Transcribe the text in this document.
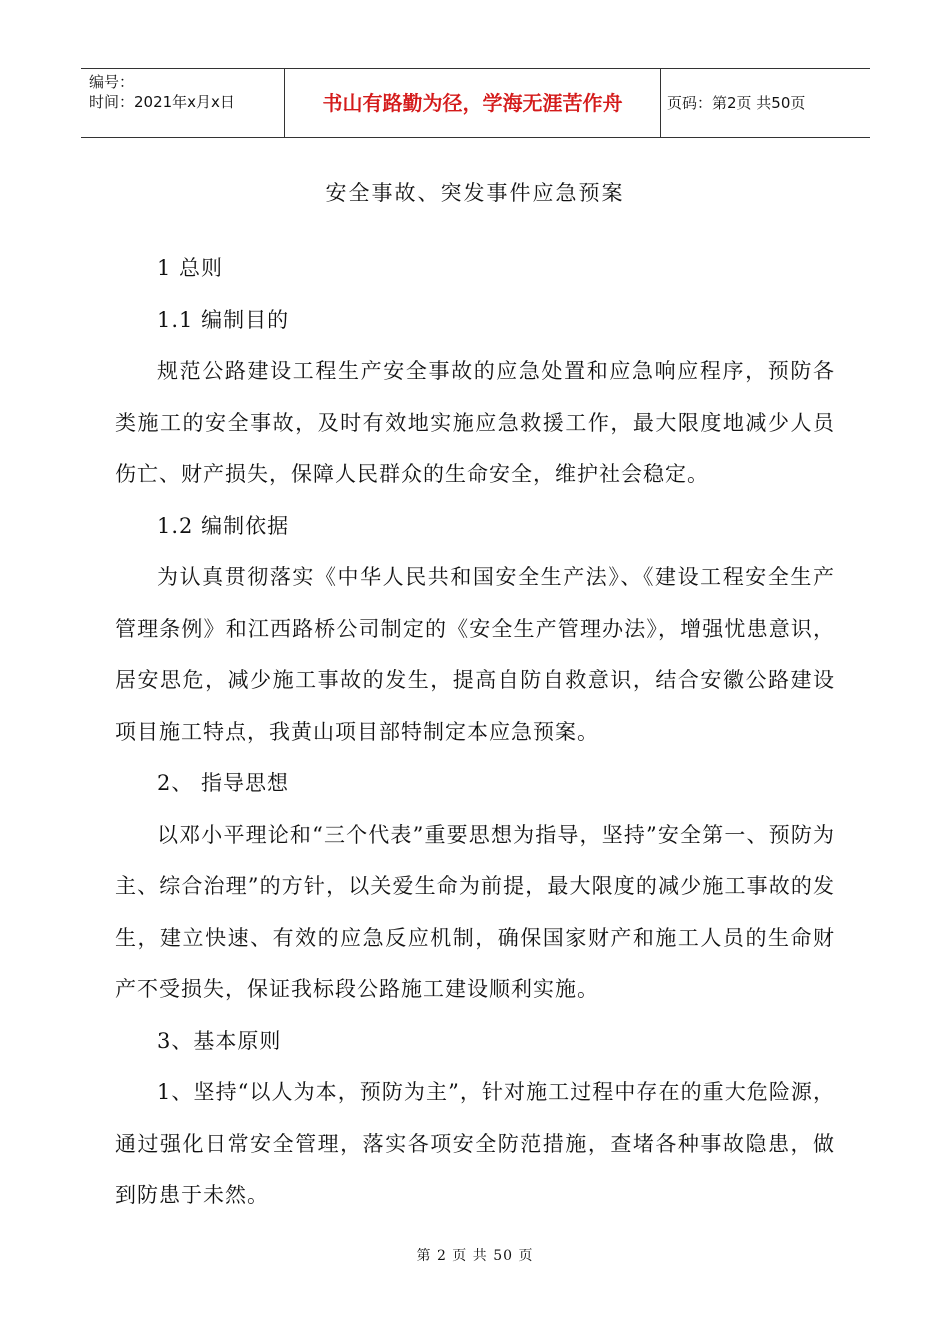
编号：
时间：2021年x月x日	书山有路勤为径，学海无涯苦作舟	页码：第2页 共50页
安全事故、突发事件应急预案

1 总则

1.1 编制目的

规范公路建设工程生产安全事故的应急处置和应急响应程序，预防各类施工的安全事故，及时有效地实施应急救援工作，最大限度地减少人员伤亡、财产损失，保障人民群众的生命安全，维护社会稳定。

1.2 编制依据

为认真贯彻落实《中华人民共和国安全生产法》、《建设工程安全生产管理条例》和江西路桥公司制定的《安全生产管理办法》，增强忧患意识，居安思危，减少施工事故的发生，提高自防自救意识，结合安徽公路建设项目施工特点，我黄山项目部特制定本应急预案。

2、 指导思想

以邓小平理论和“三个代表”重要思想为指导，坚持”安全第一、预防为主、综合治理”的方针，以关爱生命为前提，最大限度的减少施工事故的发生，建立快速、有效的应急反应机制，确保国家财产和施工人员的生命财产不受损失，保证我标段公路施工建设顺利实施。

3、基本原则

1、坚持“以人为本，预防为主”，针对施工过程中存在的重大危险源，通过强化日常安全管理，落实各项安全防范措施，查堵各种事故隐患，做到防患于未然。

第 2 页 共 50 页
